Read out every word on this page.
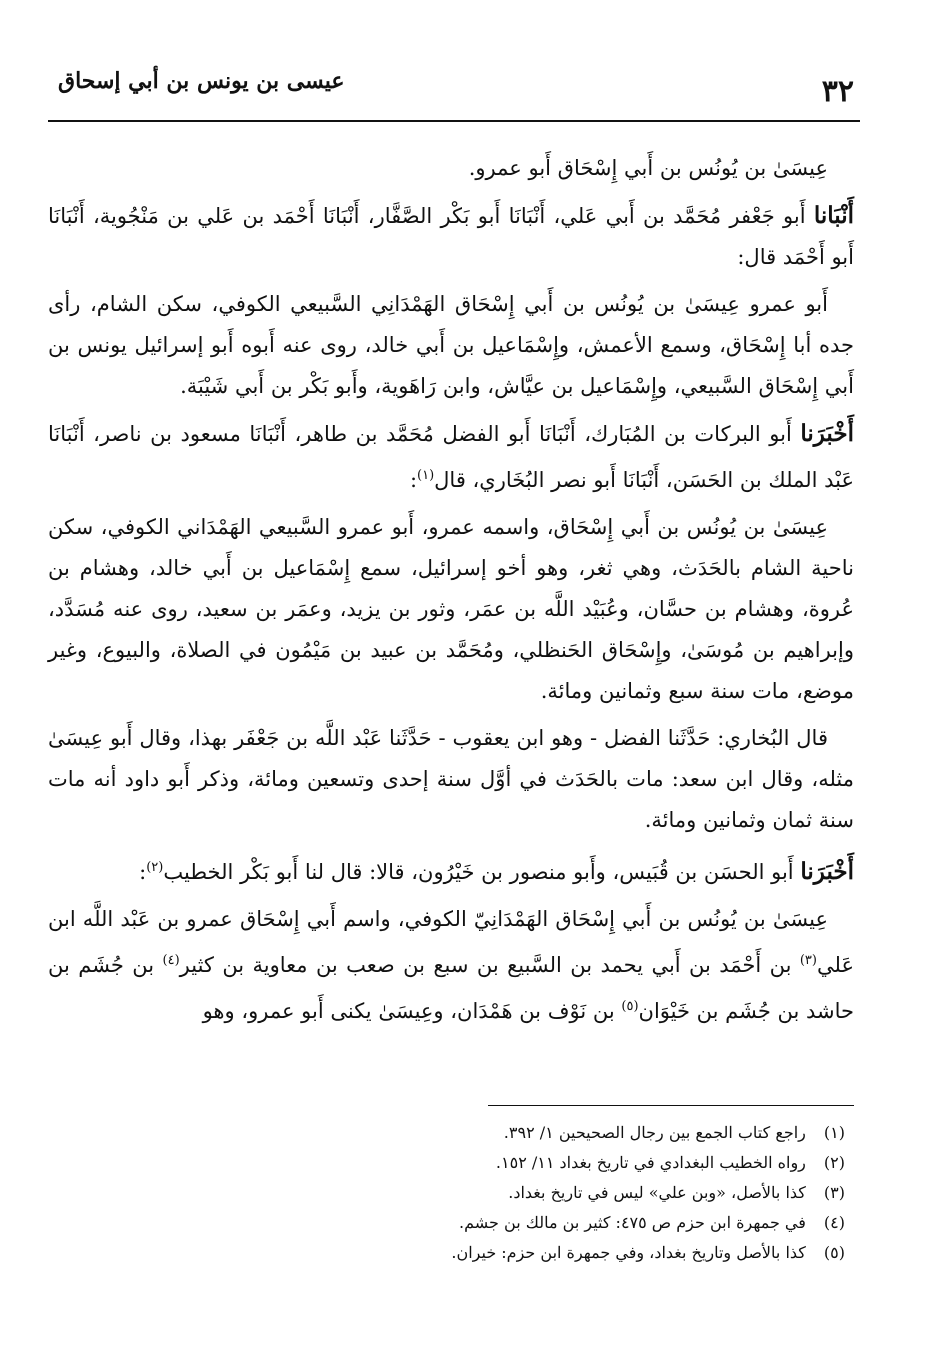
٣٢
عيسى بن يونس بن أبي إسحاق

عِيسَىٰ بن يُونُس بن أَبي إِسْحَاق أَبو عمرو.

أَنْبَانا أَبو جَعْفر مُحَمَّد بن أَبي عَلي، أَنْبَانَا أَبو بَكْر الصَّفَّار، أَنْبَانَا أَحْمَد بن عَلي بن مَنْجُوية، أَنْبَانَا أَبو أَحْمَد قال:

أَبو عمرو عِيسَىٰ بن يُونُس بن أَبي إِسْحَاق الهَمْدَانِي السَّبيعي الكوفي، سكن الشام، رأى جده أبا إِسْحَاق، وسمع الأعمش، وإِسْمَاعيل بن أَبي خالد، روى عنه أَبوه أَبو إسرائيل يونس بن أَبي إِسْحَاق السَّبيعي، وإِسْمَاعيل بن عيَّاش، وابن رَاهَوية، وأَبو بَكْر بن أَبي شَيْبَة.

أَخْبَرَنا أَبو البركات بن المُبَارك، أَنْبَانَا أَبو الفضل مُحَمَّد بن طاهر، أَنْبَانَا مسعود بن ناصر، أَنْبَانَا عَبْد الملك بن الحَسَن، أَنْبَانَا أَبو نصر البُخَاري، قال$^{(١)}$:

عِيسَىٰ بن يُونُس بن أَبي إِسْحَاق، واسمه عمرو، أَبو عمرو السَّبيعي الهَمْدَاني الكوفي، سكن ناحية الشام بالحَدَث، وهي ثغر، وهو أخو إسرائيل، سمع إِسْمَاعيل بن أَبي خالد، وهشام بن عُروة، وهشام بن حسَّان، وعُبَيْد اللَّه بن عمَر، وثور بن يزيد، وعمَر بن سعيد، روى عنه مُسَدَّد، وإبراهيم بن مُوسَىٰ، وإِسْحَاق الحَنظلي، ومُحَمَّد بن عبيد بن مَيْمُون في الصلاة، والبيوع، وغير موضع، مات سنة سبع وثمانين ومائة.

قال البُخاري: حَدَّثَنا الفضل - وهو ابن يعقوب - حَدَّثَنا عَبْد اللَّه بن جَعْفَر بهذا، وقال أَبو عِيسَىٰ مثله، وقال ابن سعد: مات بالحَدَث في أوَّل سنة إحدى وتسعين ومائة، وذكر أَبو داود أنه مات سنة ثمان وثمانين ومائة.

أَخْبَرَنا أَبو الحسَن بن قُبَيس، وأَبو منصور بن خَيْرُون، قالا: قال لنا أَبو بَكْر الخطيب$^{(٢)}$:

عِيسَىٰ بن يُونُس بن أَبي إِسْحَاق الهَمْدَانِيّ الكوفي، واسم أَبي إِسْحَاق عمرو بن عَبْد اللَّه ابن عَلي$^{(٣)}$ بن أَحْمَد بن أَبي يحمد بن السَّبيع بن سبع بن صعب بن معاوية بن كثير$^{(٤)}$ بن جُشَم بن حاشد بن جُشَم بن خَيْوَان$^{(٥)}$ بن نَوْف بن هَمْدَان، وعِيسَىٰ يكنى أَبو عمرو، وهو

(١) راجع كتاب الجمع بين رجال الصحيحين ١/ ٣٩٢.
(٢) رواه الخطيب البغدادي في تاريخ بغداد ١١/ ١٥٢.
(٣) كذا بالأصل، «وبن علي» ليس في تاريخ بغداد.
(٤) في جمهرة ابن حزم ص ٤٧٥: كثير بن مالك بن جشم.
(٥) كذا بالأصل وتاريخ بغداد، وفي جمهرة ابن حزم: خيران.
